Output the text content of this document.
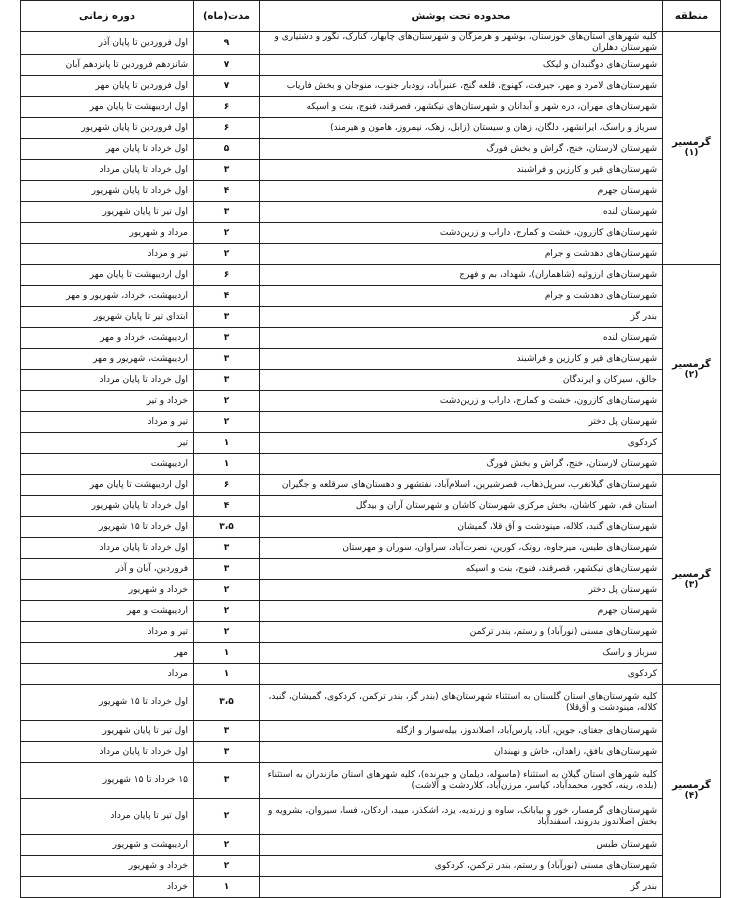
منطقه	محدوده تحت پوشش	مدت(ماه)	دوره زمانی

گرمسیر
(۱)	کلیه شهرهای استان‌های خوزستان، بوشهر و هرمزگان و شهرستان‌های چابهار، کنارک، نگور و دشتیاری و شهرستان دهلران	۹	اول فروردین تا پایان آذر
	شهرستان‌های دوگنبدان و لیکک	۷	شانزدهم فروردین تا پانزدهم آبان
	شهرستان‌های لامرد و مهر، جیرفت، کهنوج، قلعه گنج، عنبرآباد، رودبار جنوب، منوجان و بخش فاریاب	۷	اول فروردین تا پایان مهر
	شهرستان‌های مهران، دره شهر و آبدانان و شهرستان‌های نیکشهر، قصرقند، فنوج، بنت و اسپکه	۶	اول اردیبهشت تا پایان مهر
	سرباز و راسک، ایرانشهر، دلگان، زهان و سیستان (زابل، زهک، نیمروز، هامون و هیرمند)	۶	اول فروردین تا پایان شهریور
	شهرستان لارستان، خنج، گراش و بخش فورگ	۵	اول خرداد تا پایان مهر
	شهرستان‌های قیر و کارزین و فراشبند	۳	اول خرداد تا پایان مرداد
	شهرستان جهرم	۴	اول خرداد تا پایان شهریور
	شهرستان لنده	۳	اول تیر تا پایان شهریور
	شهرستان‌های کازرون، خشت و کمارج، داراب و زرین‌دشت	۲	مرداد و شهریور
	شهرستان‌های دهدشت و جرام	۲	تیر و مرداد

گرمسیر
(۲)	شهرستان‌های ارزوئیه (شاهماران)، شهداد، بم و فهرج	۶	اول اردیبهشت تا پایان مهر
	شهرستان‌های دهدشت و جرام	۴	اردیبهشت، خرداد، شهریور و مهر
	بندر گز	۳	ابتدای تیر تا پایان شهریور
	شهرستان لنده	۳	اردیبهشت، خرداد و مهر
	شهرستان‌های قیر و کارزین و فراشبند	۳	اردیبهشت، شهریور و مهر
	جالق، سیرکان و ایرندگان	۳	اول خرداد تا پایان مرداد
	شهرستان‌های کازرون، خشت و کمارج، داراب و زرین‌دشت	۲	خرداد و تیر
	شهرستان پل دختر	۲	تیر و مرداد
	کردکوی	۱	تیر
	شهرستان لارستان، خنج، گراش و بخش فورگ	۱	اردیبهشت

گرمسیر
(۳)	شهرستان‌های گیلانغرب، سرپل‌ذهاب، قصرشیرین، اسلام‌آباد، نفتشهر و دهستان‌های سرقلعه و جگیران	۶	اول اردیبهشت تا پایان مهر
	استان قم، شهر کاشان، بخش مرکزی شهرستان کاشان و شهرستان آران و بیدگل	۴	اول خرداد تا پایان شهریور
	شهرستان‌های گنبد، کلاله، مینودشت و آق قلا، گمیشان	۳،۵	اول خرداد تا ۱۵ شهریور
	شهرستان‌های طبس، میرجاوه، روتک، کورین، نصرت‌آباد، سراوان، سوران و مهرستان	۳	اول خرداد تا پایان مرداد
	شهرستان‌های نیکشهر، قصرقند، فنوج، بنت و اسپکه	۳	فروردین، آبان و آذر
	شهرستان پل دختر	۲	خرداد و شهریور
	شهرستان جهرم	۲	اردیبهشت و مهر
	شهرستان‌های مسنی (نورآباد) و رستم، بندر ترکمن	۲	تیر و مرداد
	سرباز و راسک	۱	مهر
	کردکوی	۱	مرداد

گرمسیر
(۴)	کلیه شهرستان‌های استان گلستان به استثناء شهرستان‌های (بندر گز، بندر ترکمن، کردکوی، گمیشان، گنبد، کلاله، مینودشت و آق‌قلا)	۳،۵	اول خرداد تا ۱۵ شهریور
	شهرستان‌های جغتای، جوین، آباد، پارس‌آباد، اصلاندوز، بیله‌سوار و ازگله	۳	اول تیر تا پایان شهریور
	شهرستان‌های بافق، زاهدان، خاش و نهبندان	۳	اول خرداد تا پایان مرداد
	کلیه شهرهای استان گیلان به استثناء (ماسوله، دیلمان و جیرنده)، کلیه شهرهای استان مازندران به استثناء (بلده، رینه، کجور، محمدآباد، کیاسر، مرزن‌آباد، کلاردشت و آلاشت)	۳	۱۵ خرداد تا ۱۵ شهریور
	شهرستان‌های گرمسار، خور و بیابانک، ساوه و زرندیه، یزد، اشکذر، میبد، اردکان، فسا، سیروان، بشرویه و بخش اصلاندوز بدروند، اسفندآباد	۲	اول تیر تا پایان مرداد
	شهرستان طبس	۲	اردیبهشت و شهریور
	شهرستان‌های مسنی (نورآباد) و رستم، بندر ترکمن، کردکوی	۲	خرداد و شهریور
	بندر گز	۱	خرداد
